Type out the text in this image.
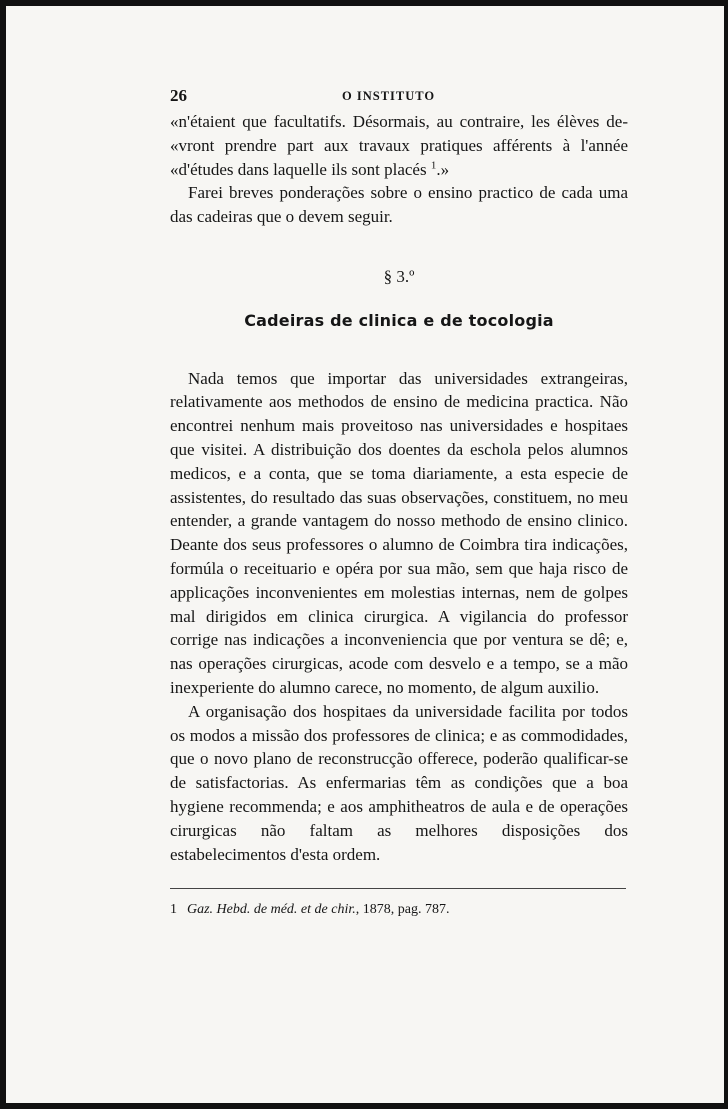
26	O INSTITUTO

«n'étaient que facultatifs. Désormais, au contraire, les élèves de- «vront prendre part aux travaux pratiques afférents à l'année «d'études dans laquelle ils sont placés $^1$.»

Farei breves ponderações sobre o ensino practico de cada uma das cadeiras que o devem seguir.

§ 3.º
Cadeiras de clinica e de tocologia

Nada temos que importar das universidades extrangeiras, relativamente aos methodos de ensino de medicina practica. Não encontrei nenhum mais proveitoso nas universidades e hospitaes que visitei. A distribuição dos doentes da eschola pelos alumnos medicos, e a conta, que se toma diariamente, a esta especie de assistentes, do resultado das suas observações, constituem, no meu entender, a grande vantagem do nosso methodo de ensino clinico. Deante dos seus professores o alumno de Coimbra tira indicações, formúla o receituario e opéra por sua mão, sem que haja risco de applicações inconvenientes em molestias internas, nem de golpes mal dirigidos em clinica cirurgica. A vigilancia do professor corrige nas indicações a inconveniencia que por ventura se dê; e, nas operações cirurgicas, acode com desvelo e a tempo, se a mão inexperiente do alumno carece, no momento, de algum auxilio.

A organisação dos hospitaes da universidade facilita por todos os modos a missão dos professores de clinica; e as commodidades, que o novo plano de reconstrucção offerece, poderão qualificar-se de satisfactorias. As enfermarias têm as condições que a boa hygiene recommenda; e aos amphitheatros de aula e de operações cirurgicas não faltam as melhores disposições dos estabelecimentos d'esta ordem.

1 Gaz. Hebd. de méd. et de chir., 1878, pag. 787.
